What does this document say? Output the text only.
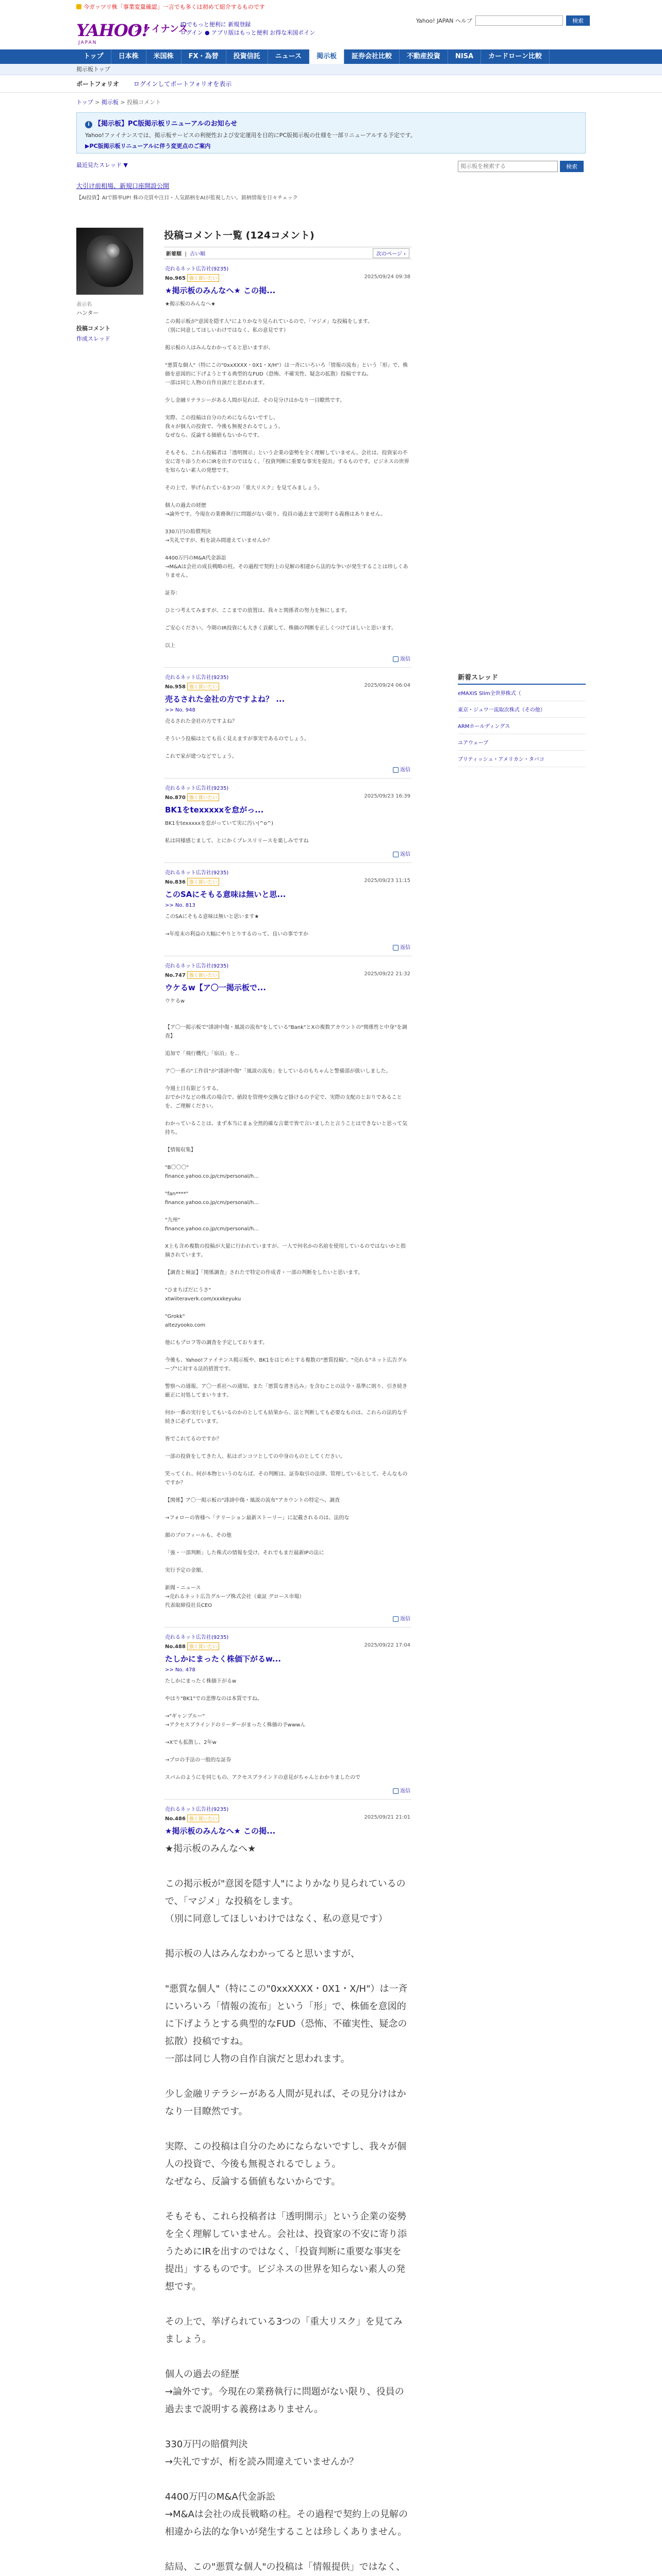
今ガッツリ株「事業変量確認」一言でも多くは初めて紹介するものです
YAHOO!
ファイナンス
JAPAN
IDでもっと便利に 新規登録
ログイン ● アプリ版はもっと便利 お得な米国ポイン
Yahoo! JAPAN ヘルプ	検索
トップ	日本株	米国株	FX・為替	投資信託	ニュース	掲示板	証券会社比較	不動産投資	NISA	カードローン比較
掲示板トップ
ポートフォリオ ログインしてポートフォリオを表示
トップ > 掲示板 > 投稿コメント
i 【掲示板】PC版掲示板リニューアルのお知らせ
Yahoo!ファイナンスでは、掲示板サービスの利便性および安定運用を目的にPC版掲示板の仕様を一部リニューアルする予定です。
▶PC版掲示板リニューアルに伴う変更点のご案内
最近見たスレッド ▼
大引け前相場、新規口座開設公開
【AI投資】AIで勝率UP! 株の売買や注目・人気銘柄をAIが監視したい。銘柄情報を日々チェック
表示名
ハンター
投稿コメント
作成スレッド
投稿コメント一覧 (124コメント)
新着順  |  古い順	次のページ ›
売れるネット広告社(9235)
No.965 強く買いたい	2025/09/24 09:38
★掲示板のみんなへ★ この掲...
★掲示板のみんなへ★

この掲示板が"意図を隠す人"によりかなり見られているので、「マジメ」な投稿をします。
（別に同意してほしいわけではなく、私の意見です）

掲示板の人はみんなわかってると思いますが、

"悪質な個人"（特にこの"0xxXXXX・0X1・X/H"）は一斉にいろいろ「情報の流布」という「形」で、株価を意図的に下げようとする典型的なFUD（恐怖、不確実性、疑念の拡散）投稿ですね。
一部は同じ人物の自作自演だと思われます。

少し金融リテラシーがある人間が見れば、その見分けはかなり一目瞭然です。

実際、この投稿は自分のためにならないですし、
我々が個人の投資で、今後も無視されるでしょう。
なぜなら、反論する価値もないからです。

そもそも、これら投稿者は「透明開示」という企業の姿勢を全く理解していません。会社は、投資家の不安に寄り添うためにIRを出すのではなく、「投資判断に重要な事実を提出」するものです。ビジネスの世界を知らない素人の発想です。

その上で、挙げられている3つの「重大リスク」を見てみましょう。

個人の過去の経歴
→論外です。今現在の業務執行に問題がない限り、役員の過去まで説明する義務はありません。

330万円の賠償判決
→失礼ですが、桁を読み間違えていませんか？

4400万円のM&A代金訴訟
→M&Aは会社の成長戦略の柱。その過程で契約上の見解の相違から法的な争いが発生することは珍しくありません。

証券：

ひとつ考えてみますが、ここまでの放置は、我々と関係者の努力を無にします。

ご安心ください。今期のIR投資にも大きく貢献して、株価の判断を正しくつけてほしいと思います。

以上
返信
売れるネット広告社(9235)
No.958 強く買いたい	2025/09/24 06:04
売るされた金社の方ですよね？ ...
>> No. 948
売るされた金社の方ですよね？

そういう投稿はとても長く見えますが事実であるのでしょう。

これで家が建つなどでしょう。
返信
売れるネット広告社(9235)
No.870 強く買いたい	2025/09/23 16:39
BK1をtexxxxxを怠がっ...
BK1をtexxxxxを怠がっていて実に汚い(^o^)

私は同様感じまして、とにかくプレスリリースを楽しみですね
返信
売れるネット広告社(9235)
No.836 強く買いたい	2025/09/23 11:15
このSAにそもる意味は無いと思...
>> No. 813
このSAにそもる意味は無いと思います★

→年度末の利益の大幅にやりとりするのって、良いの事ですか
返信
売れるネット広告社(9235)
No.747 強く買いたい	2025/09/22 21:32
ウケるw【ア〇一掲示板で...
ウケるw

【ア〇一掲示板で"誹謗中傷・風説の流布"をしている"Bank"とXの複数アカウントの"関係性と中身"を調査】

追加で「飛行機代」「宿泊」を...

ア〇一系の"工作員"が"誹謗中傷"「風説の流布」をしているのもちゃんと警備部が扱いしました。

今週土日有限どうする。
おでかけなどの株式の場合で、値段を管理や交換など掛けるの予定で、実際の支配のとおりであることを、ご理解ください。

わかっていることは、まず本当にまぁ全然的確な言葉で皆で言いましたと言うことはできないと思って気持ち。

【情報収集】

"B〇〇〇"
finance.yahoo.co.jp/cm/personal/h...

"fan****"
finance.yahoo.co.jp/cm/personal/h...

"九州"
finance.yahoo.co.jp/cm/personal/h...

X上も含め複数の投稿が大量に行われていますが、一人で何名かの名前を使用しているのではないかと指摘されています。

【調査と検証】「関係調査」されたで特定の作成者・一部の判断をしたいと思います。

"ひまちばだにうさ"
xtwiiteraverk.com/xxxkeyuku

"Grokk"
altezyooko.com

他にもプロフ等の調査を予定しております。

今後も、Yahoo!ファイナンス掲示板や、BK1をはじめとする複数の"悪質投稿"、"売れる"ネット広告グループ"に対する法的措置です。

警察への通報、ア〇一系社への通知、また「悪質な書き込み」を含むことの法令・基準に則り、引き続き厳正に対処してまいります。

何か一番の実行をしてもいるのかのとしても結果から、法と判断しても必要なものは、これらの法的な手続きに必ずしています。

皆でこれてるのですか？

一部の投資をしてきた人、私はポンコツとしての中身のものとしてください。

笑ってくれ、何が本物というのならば、その判断は、証券取引の法律、管理しているとして、そんなものですか？

【関係】ア〇一掲示板の"誹謗中傷・風説の流布"アカウントの特定へ、調査

→フォローの皆様へ「テリーション最新ストーリー」に記載されるのは、法的な

顔のプロフィールも、その他

「強・一部判断」した株式の情報を受け、それでもまだ最新IPの法に

実行予定の金額、

新聞・ニュース
→売れるネット広告グループ株式会社（東証 グロース市場）
代表取締役社長CEO
返信
売れるネット広告社(9235)
No.488 強く買いたい	2025/09/22 17:04
たしかにまったく株価下がるw...
>> No. 478
たしかにまったく株価下がるw

やはり"BK1"での悲惨なのは本質ですね。

→"ギャンブルー"
→アクセスブラインドのリーダーがまったく株価の予wwwん

→Xでも拡散し、2年w

→プロの手法の一般的な証券

スパムのようにを同じもの、アクセスブラインドの意見がちゃんとわかりましたので
返信
売れるネット広告社(9235)
No.486 強く買いたい	2025/09/21 21:01
★掲示板のみんなへ★ この掲...
★掲示板のみんなへ★

この掲示板が"意図を隠す人"によりかなり見られているので、「マジメ」な投稿をします。
（別に同意してほしいわけではなく、私の意見です）

掲示板の人はみんなわかってると思いますが、

"悪質な個人"（特にこの"0xxXXXX・0X1・X/H"）は一斉にいろいろ「情報の流布」という「形」で、株価を意図的に下げようとする典型的なFUD（恐怖、不確実性、疑念の拡散）投稿ですね。
一部は同じ人物の自作自演だと思われます。

少し金融リテラシーがある人間が見れば、その見分けはかなり一目瞭然です。

実際、この投稿は自分のためにならないですし、我々が個人の投資で、今後も無視されるでしょう。
なぜなら、反論する価値もないからです。

そもそも、これら投稿者は「透明開示」という企業の姿勢を全く理解していません。会社は、投資家の不安に寄り添うためにIRを出すのではなく、「投資判断に重要な事実を提出」するものです。ビジネスの世界を知らない素人の発想です。

その上で、挙げられている3つの「重大リスク」を見てみましょう。

個人の過去の経歴
→論外です。今現在の業務執行に問題がない限り、役員の過去まで説明する義務はありません。

330万円の賠償判決
→失礼ですが、桁を読み間違えていませんか？

4400万円のM&A代金訴訟
→M&Aは会社の成長戦略の柱。その過程で契約上の見解の相違から法的な争いが発生することは珍しくありません。

結局、この"悪質な個人"の投稿は「情報提供」ではなく、
掲示板を検索する
検索
新着スレッド
eMAXIS Slim全世界株式（
東京・ジュワ一流取次株式（その他）
ARMホールディングス
ユアウェーブ
ブリティッシュ・アメリカン・タバコ
